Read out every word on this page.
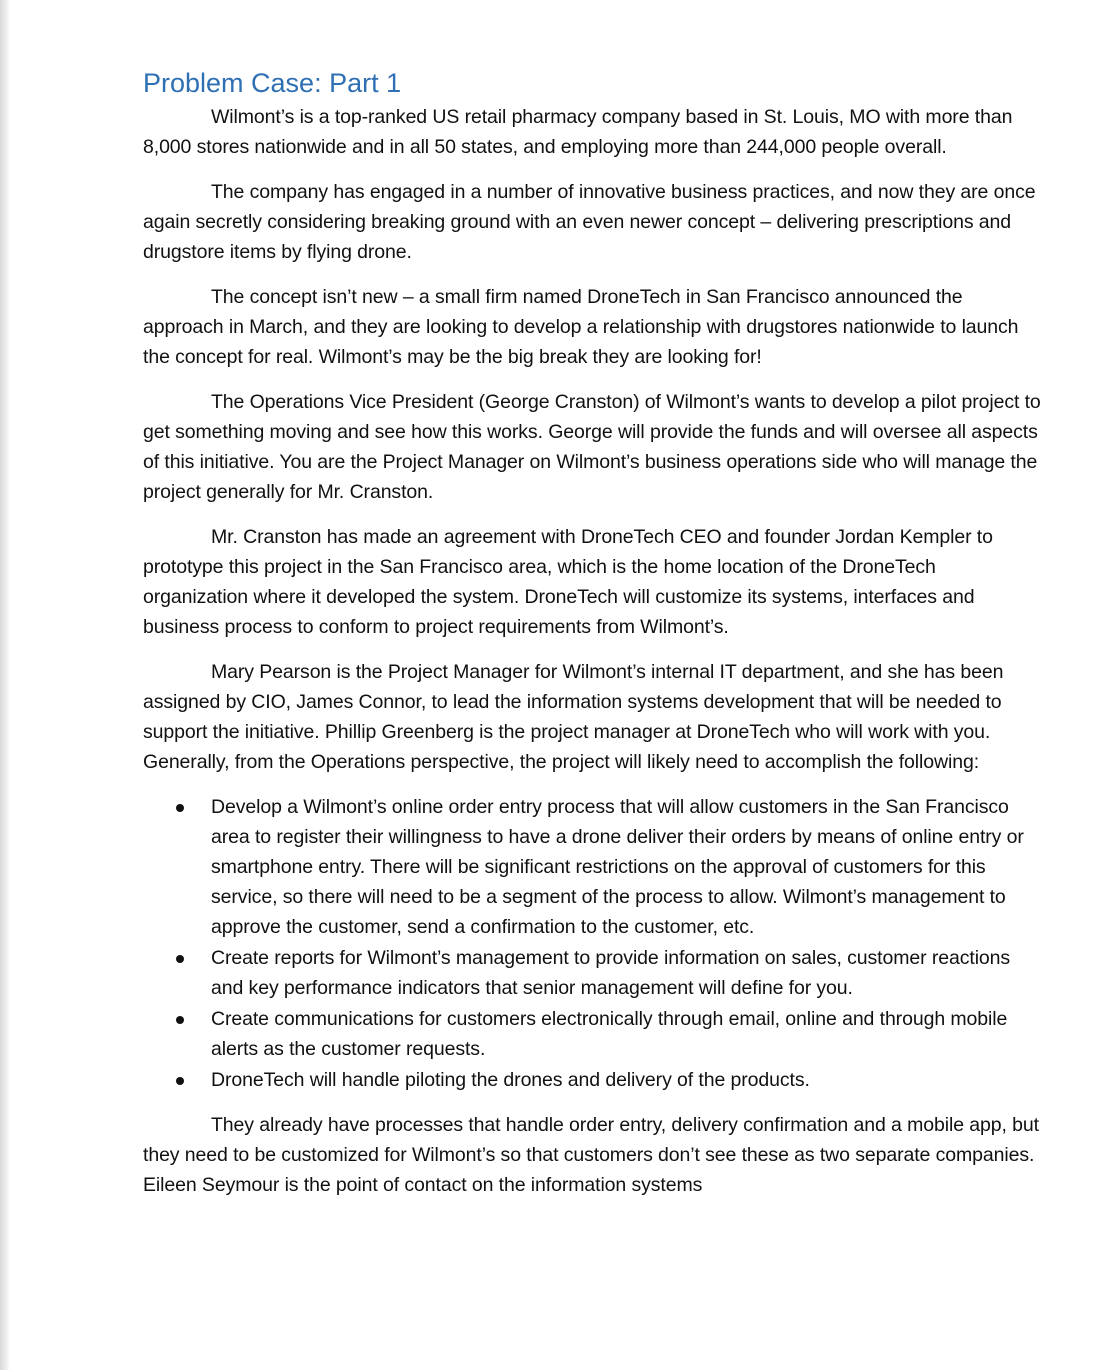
Problem Case: Part 1

Wilmont’s is a top-ranked US retail pharmacy company based in St. Louis, MO with more than 8,000 stores nationwide and in all 50 states, and employing more than 244,000 people overall.

The company has engaged in a number of innovative business practices, and now they are once again secretly considering breaking ground with an even newer concept – delivering prescriptions and drugstore items by flying drone.

The concept isn’t new – a small firm named DroneTech in San Francisco announced the approach in March, and they are looking to develop a relationship with drugstores nationwide to launch the concept for real. Wilmont’s may be the big break they are looking for!

The Operations Vice President (George Cranston) of Wilmont’s wants to develop a pilot project to get something moving and see how this works. George will provide the funds and will oversee all aspects of this initiative. You are the Project Manager on Wilmont’s business operations side who will manage the project generally for Mr. Cranston.

Mr. Cranston has made an agreement with DroneTech CEO and founder Jordan Kempler to prototype this project in the San Francisco area, which is the home location of the DroneTech organization where it developed the system. DroneTech will customize its systems, interfaces and business process to conform to project requirements from Wilmont’s.

Mary Pearson is the Project Manager for Wilmont’s internal IT department, and she has been assigned by CIO, James Connor, to lead the information systems development that will be needed to support the initiative. Phillip Greenberg is the project manager at DroneTech who will work with you. Generally, from the Operations perspective, the project will likely need to accomplish the following:

Develop a Wilmont’s online order entry process that will allow customers in the San Francisco area to register their willingness to have a drone deliver their orders by means of online entry or smartphone entry. There will be significant restrictions on the approval of customers for this service, so there will need to be a segment of the process to allow. Wilmont’s management to approve the customer, send a confirmation to the customer, etc.
Create reports for Wilmont’s management to provide information on sales, customer reactions and key performance indicators that senior management will define for you.
Create communications for customers electronically through email, online and through mobile alerts as the customer requests.
DroneTech will handle piloting the drones and delivery of the products.

They already have processes that handle order entry, delivery confirmation and a mobile app, but they need to be customized for Wilmont’s so that customers don’t see these as two separate companies. Eileen Seymour is the point of contact on the information systems
